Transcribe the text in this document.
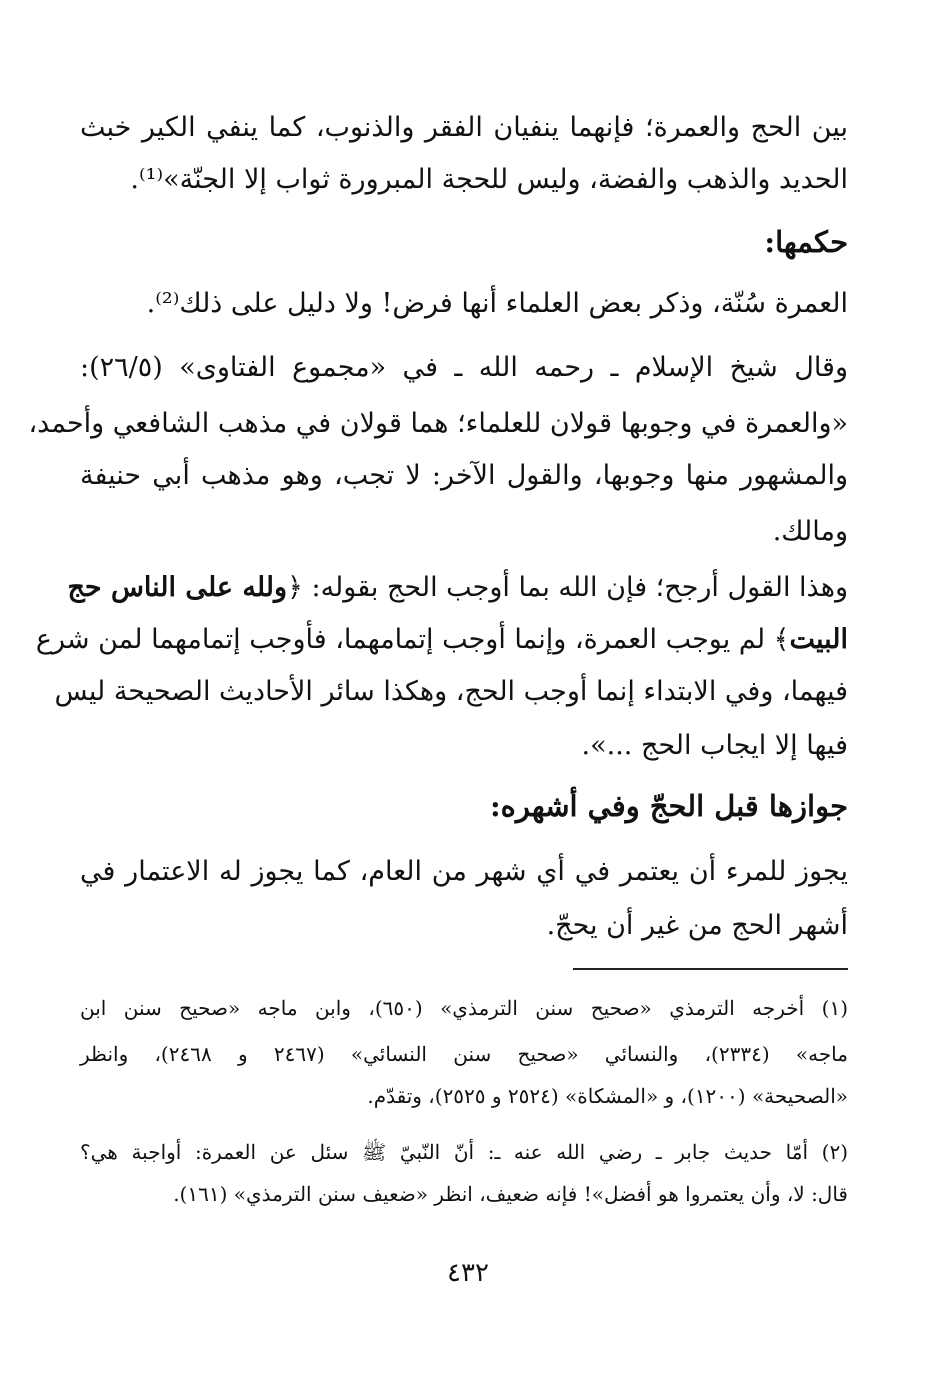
بين الحج والعمرة؛ فإنهما ينفيان الفقر والذنوب، كما ينفي الكير خبث
الحديد والذهب والفضة، وليس للحجة المبرورة ثواب إلا الجنّة»⁽¹⁾.
حكمها:
العمرة سُنّة، وذكر بعض العلماء أنها فرض! ولا دليل على ذلك⁽²⁾.
وقال شيخ الإسلام ـ رحمه الله ـ في «مجموع الفتاوى» (٢٦/٥):
«والعمرة في وجوبها قولان للعلماء؛ هما قولان في مذهب الشافعي وأحمد،
والمشهور منها وجوبها، والقول الآخر: لا تجب، وهو مذهب أبي حنيفة
ومالك.
وهذا القول أرجح؛ فإن الله بما أوجب الحج بقوله: ﴿ولله على الناس حج
البيت﴾ لم يوجب العمرة، وإنما أوجب إتمامهما، فأوجب إتمامهما لمن شرع
فيهما، وفي الابتداء إنما أوجب الحج، وهكذا سائر الأحاديث الصحيحة ليس
فيها إلا ايجاب الحج ...».
جوازها قبل الحجّ وفي أشهره:
يجوز للمرء أن يعتمر في أي شهر من العام، كما يجوز له الاعتمار في
أشهر الحج من غير أن يحجّ.
(١) أخرجه الترمذي «صحيح سنن الترمذي» (٦٥٠)، وابن ماجه «صحيح سنن ابن
ماجه» (٢٣٣٤)، والنسائي «صحيح سنن النسائي» (٢٤٦٧ و ٢٤٦٨)، وانظر
«الصحيحة» (١٢٠٠)، و «المشكاة» (٢٥٢٤ و ٢٥٢٥)، وتقدّم.
(٢) أمّا حديث جابر ـ رضي الله عنه ـ: أنّ النّبيّ ﷺ سئل عن العمرة: أواجبة هي؟
قال: لا، وأن يعتمروا هو أفضل»! فإنه ضعيف، انظر «ضعيف سنن الترمذي» (١٦١).
٤٣٢
